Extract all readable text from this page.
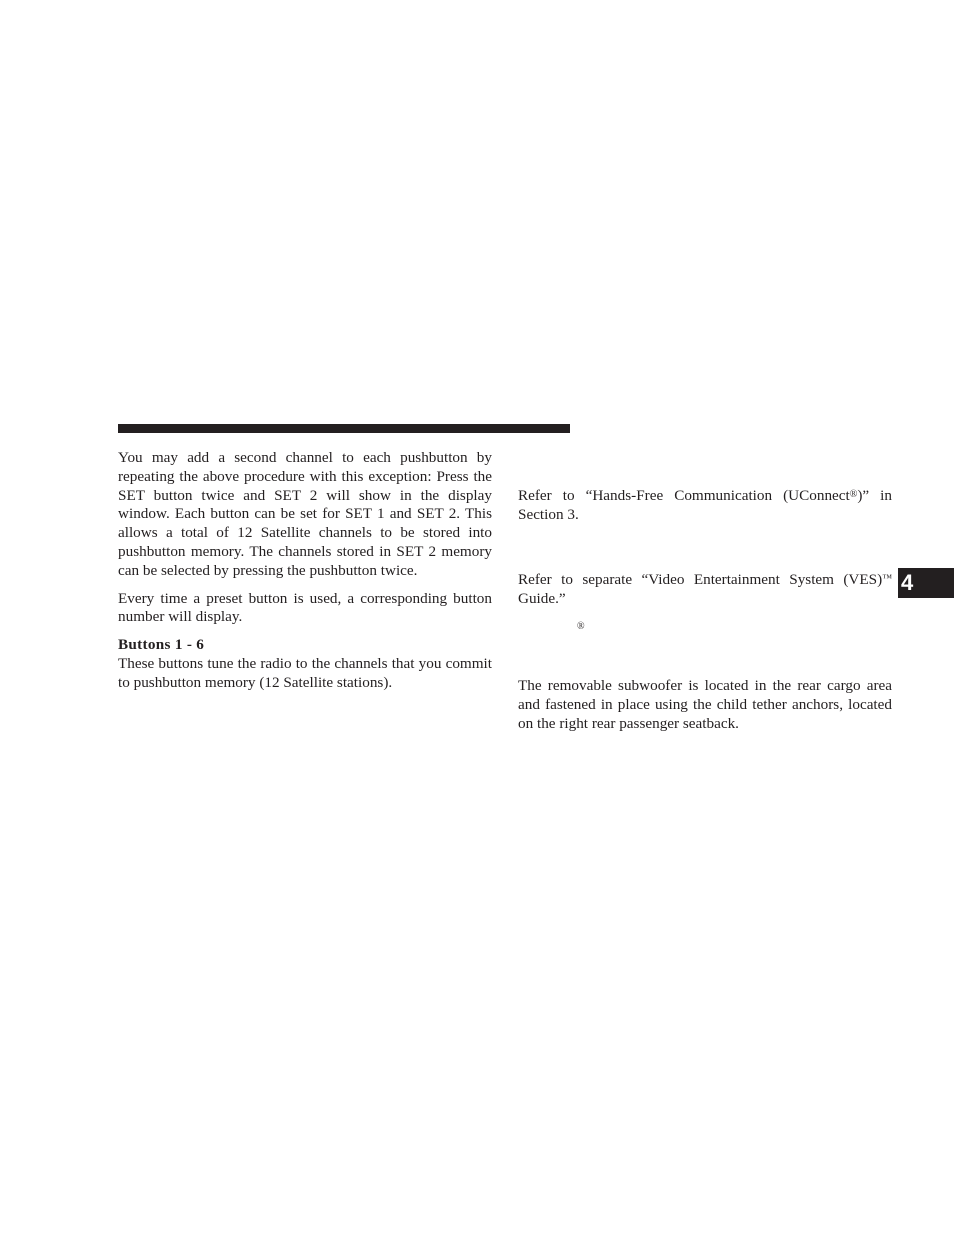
You may add a second channel to each pushbutton by repeating the above procedure with this exception: Press the SET button twice and SET 2 will show in the display window. Each button can be set for SET 1 and SET 2. This allows a total of 12 Satellite channels to be stored into pushbutton memory. The channels stored in SET 2 memory can be selected by pressing the pushbutton twice.

Every time a preset button is used, a corresponding button number will display.

Buttons 1 - 6

These buttons tune the radio to the channels that you commit to pushbutton memory (12 Satellite stations).

Refer to “Hands-Free Communication (UConnect®)” in Section 3.

Refer to separate “Video Entertainment System (VES)™ Guide.”

®

The removable subwoofer is located in the rear cargo area and fastened in place using the child tether anchors, located on the right rear passenger seatback.

4
